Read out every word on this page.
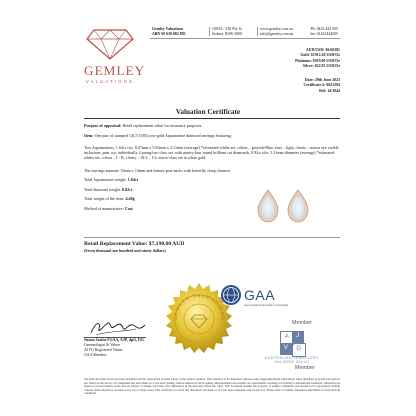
GEMLEY
VALUATIONS
Gemley Valuations
ABN 69 630 682 895
1003A / 250 Pitt St
Sydney NSW 2000
www.gemley.com.au
info@gemley.com.au
Ph: 0433 444 505
Int: 61433444505
AUD/USD: $0.66381
Gold: $1912.20 USD/Oz
Platinum: $919.00 USD/Oz
Silver: $22.83 USD/Oz
Date: 29th June 2023
Certificate #: 0623284
Ref: 14/1044
Valuation Certificate
Purpose of appraisal: Retail replacement value for insurance purposes
Item: One pair of stamped 14CT (585) rose gold Aquamarine diamond earrings featuring;
Two Aquamarines, 1.64ct ctw, 8.27mm x 5.83mm x 3.11mm (average) *estimated whilst set, colour – greyish-Blue, tone – light, clarity – minor eye visible inclusions, pear cut, individually 4 prong/two claw set, with ninety-four round brilliant cut diamonds, 0.82ct tdw, 1.31mm diameter (average) *estimated whilst set, colour – I - K, clarity – SI-2 – I-2, micro-claw set in white gold.
The earrings measure 15mm x 13mm and feature post backs with butterfly clasp closures.
Total Aquamarine weight: 1.64ct
Total diamond weight: 0.82ct
Total weight of the item: 4.40g
Method of manufacture: Cast
Retail Replacement Value: $7,190.00 AUD
(Seven thousand one hundred and ninety dollars)
GEMLEY VALUATIONS
Sunna Jaafar FGAA, AJP, dpG, DG
Gemmologist & Valuer
AJVG Registered Valuer
GAA Member
GAA
Gemmological Association of Australia
Member
A	J
V	G
AUSTRALIAN JEWELLERY
VALUERS GUILD
Member
The item described above has been examined and the value given is based solely on the valuer's opinion. This valuation is for insurance purposes only, suggesting Retail replacement value (inclusive of goods and services tax, based on the above). No judgement has been made as to the exact quality without removal from its setting. Measurements and weights are approximate. Grading is according to international standards. Valuations are based on current market prices and are subject to change over time. Any differences in the item may affect the value. This document remains the property of Gemley Valuations and should not be reproduced without consent. Items should be revalued every two to three years. This certificate is void if any alterations are made or if it has been tampered with in any way. Please refer to Gemley Valuations Disclaimer for full terms & conditions.
